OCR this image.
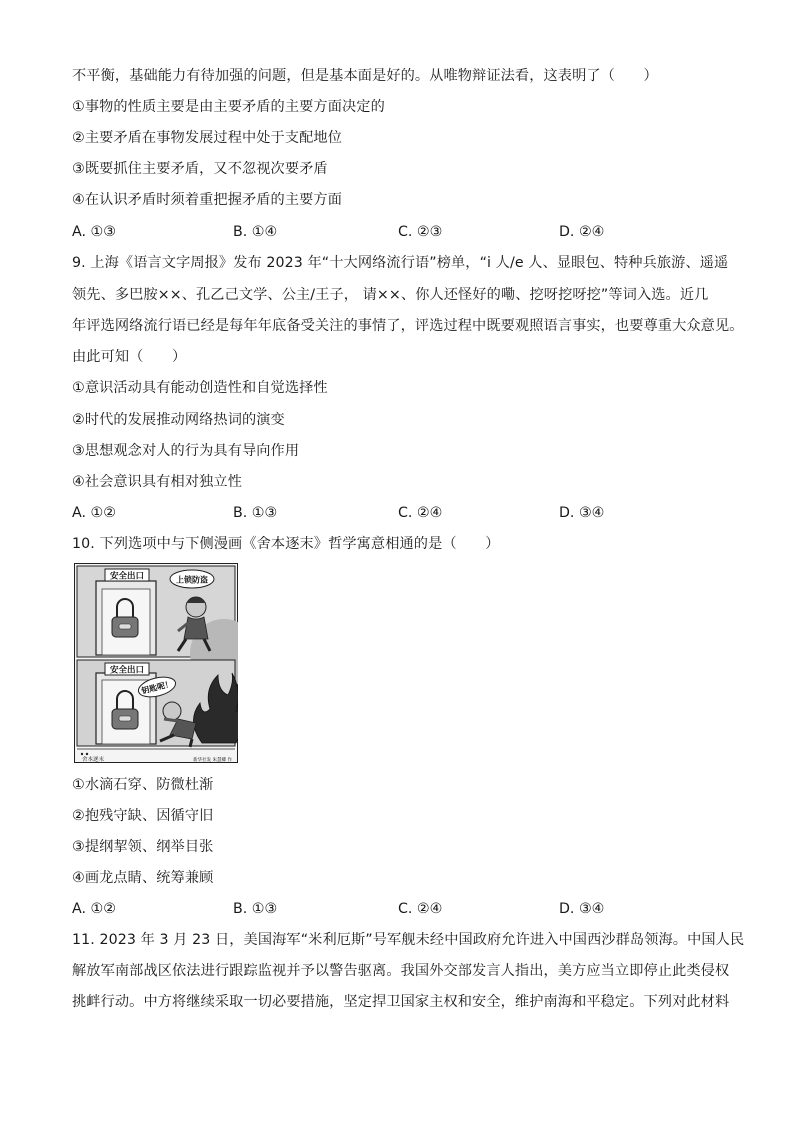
不平衡，基础能力有待加强的问题，但是基本面是好的。从唯物辩证法看，这表明了（　　）
①事物的性质主要是由主要矛盾的主要方面决定的
②主要矛盾在事物发展过程中处于支配地位
③既要抓住主要矛盾，又不忽视次要矛盾
④在认识矛盾时须着重把握矛盾的主要方面
A. ①③	B. ①④	C. ②③	D. ②④
9. 上海《语言文字周报》发布 2023 年“十大网络流行语”榜单，“i 人/e 人、显眼包、特种兵旅游、遥遥
领先、多巴胺××、孔乙己文学、公主/王子， 请××、你人还怪好的嘞、挖呀挖呀挖”等词入选。近几
年评选网络流行语已经是每年年底备受关注的事情了，评选过程中既要观照语言事实，也要尊重大众意见。
由此可知（　　）
①意识活动具有能动创造性和自觉选择性
②时代的发展推动网络热词的演变
③思想观念对人的行为具有导向作用
④社会意识具有相对独立性
A. ①②	B. ①③	C. ②④	D. ③④
10. 下列选项中与下侧漫画《舍本逐末》哲学寓意相通的是（　　）
安全出口	上锁防盗
安全出口
钥匙呢！
舍本逐末	新华社发 朱慧卿 作
①水滴石穿、防微杜渐
②抱残守缺、因循守旧
③提纲挈领、纲举目张
④画龙点睛、统筹兼顾
A. ①②	B. ①③	C. ②④	D. ③④
11. 2023 年 3 月 23 日，美国海军“米利厄斯”号军舰未经中国政府允许进入中国西沙群岛领海。中国人民
解放军南部战区依法进行跟踪监视并予以警告驱离。我国外交部发言人指出，美方应当立即停止此类侵权
挑衅行动。中方将继续采取一切必要措施，坚定捍卫国家主权和安全，维护南海和平稳定。下列对此材料
